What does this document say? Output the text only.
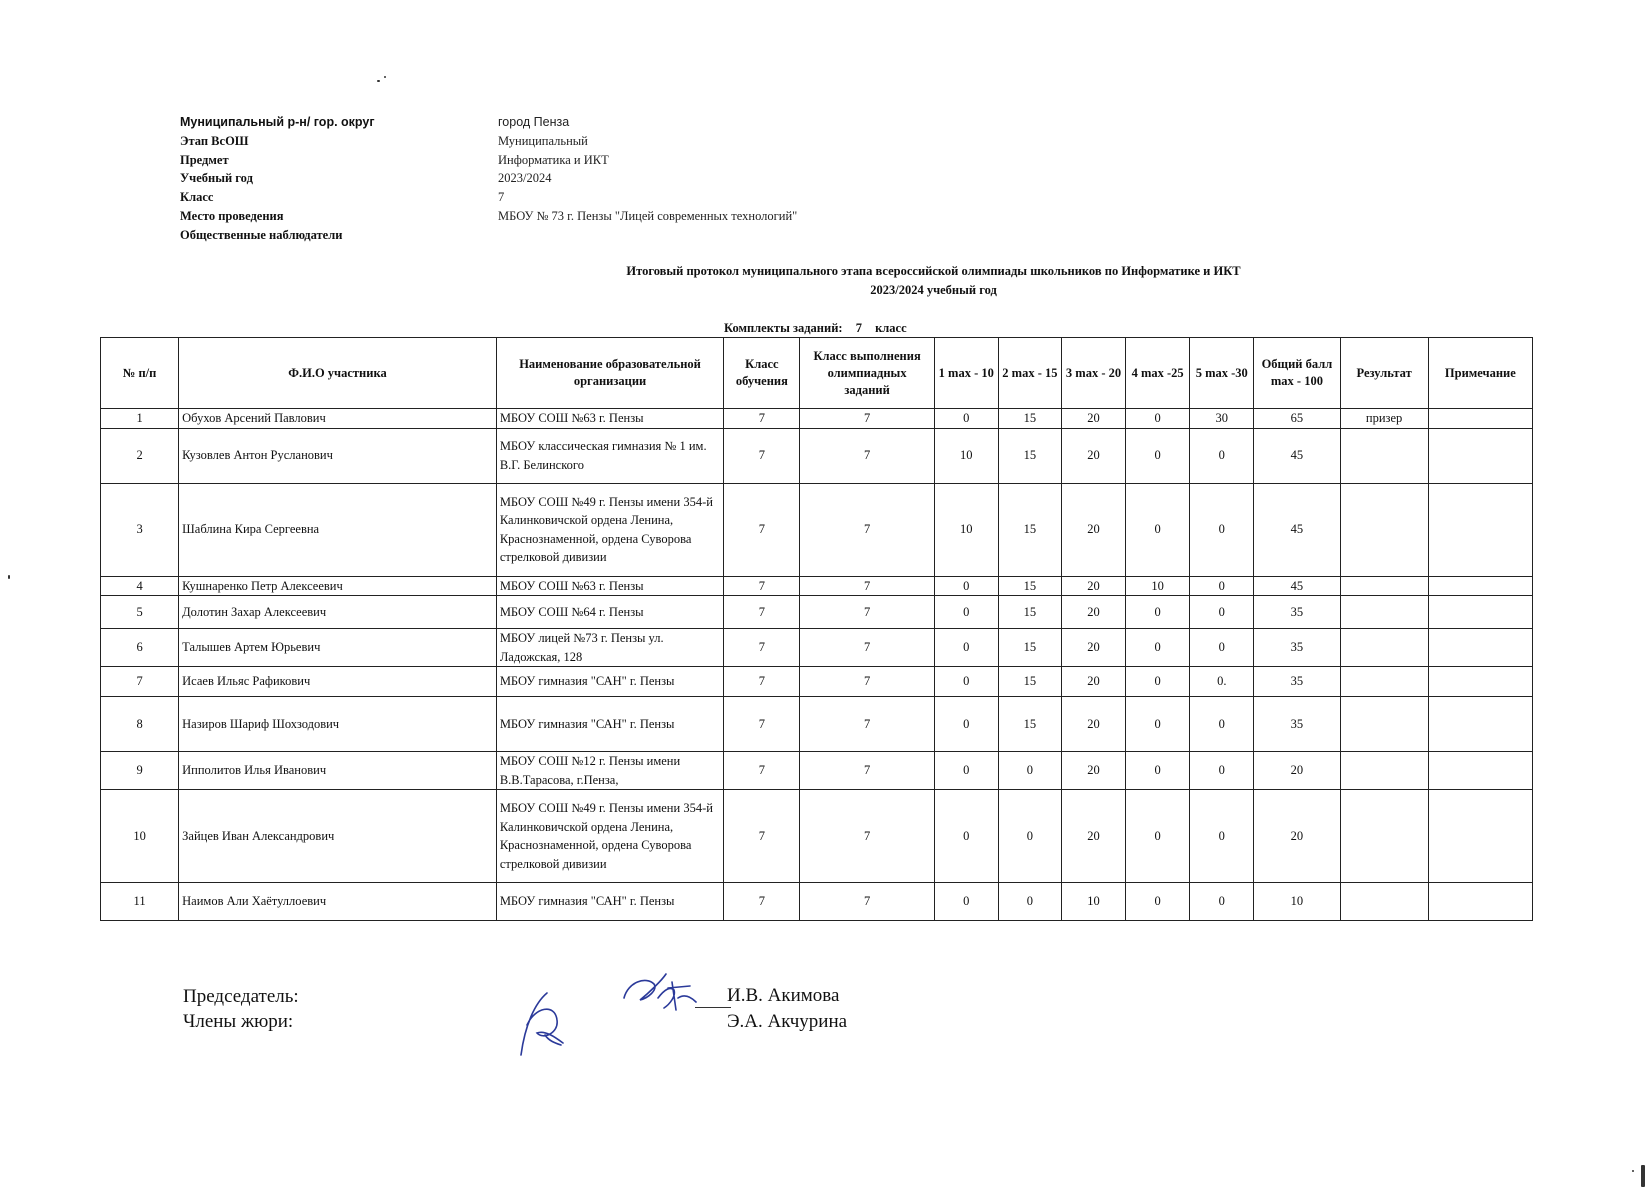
Муниципальный р-н/ гор. округ	город Пенза
Этап ВсОШ	Муниципальный
Предмет	Информатика и ИКТ
Учебный год	2023/2024
Класс	7
Место проведения	МБОУ № 73 г. Пензы "Лицей современных технологий"
Общественные наблюдатели
Итоговый протокол муниципального этапа всероссийской олимпиады школьников по Информатике и ИКТ
2023/2024 учебный год
Комплекты заданий: 7 класс
№ п/п	Ф.И.О участника	Наименование образовательной организации	Класс обучения	Класс выполнения олимпиадных заданий	1 max - 10	2 max - 15	3 max - 20	4 max -25	5 max -30	Общий балл max - 100	Результат	Примечание
1	Обухов Арсений Павлович	МБОУ СОШ №63 г. Пензы	7	7	0	15	20	0	30	65	призер	
2	Кузовлев Антон Русланович	МБОУ классическая гимназия № 1 им. В.Г. Белинского	7	7	10	15	20	0	0	45		
3	Шаблина Кира Сергеевна	МБОУ СОШ №49 г. Пензы имени 354-й Калинковичской ордена Ленина, Краснознаменной, ордена Суворова стрелковой дивизии	7	7	10	15	20	0	0	45		
4	Кушнаренко Петр Алексеевич	МБОУ СОШ №63 г. Пензы	7	7	0	15	20	10	0	45		
5	Долотин Захар Алексеевич	МБОУ СОШ №64 г. Пензы	7	7	0	15	20	0	0	35		
6	Талышев Артем Юрьевич	МБОУ лицей №73 г. Пензы ул. Ладожская, 128	7	7	0	15	20	0	0	35		
7	Исаев Ильяс Рафикович	МБОУ гимназия "САН" г. Пензы	7	7	0	15	20	0	0.	35		
8	Назиров Шариф Шохзодович	МБОУ гимназия "САН" г. Пензы	7	7	0	15	20	0	0	35		
9	Ипполитов Илья Иванович	МБОУ СОШ №12 г. Пензы имени В.В.Тарасова, г.Пенза,	7	7	0	0	20	0	0	20		
10	Зайцев Иван Александрович	МБОУ СОШ №49 г. Пензы имени 354-й Калинковичской ордена Ленина, Краснознаменной, ордена Суворова стрелковой дивизии	7	7	0	0	20	0	0	20		
11	Наимов Али Хаётуллоевич	МБОУ гимназия "САН" г. Пензы	7	7	0	0	10	0	0	10		
Председатель:
Члены жюри:
И.В. Акимова
Э.А. Акчурина
